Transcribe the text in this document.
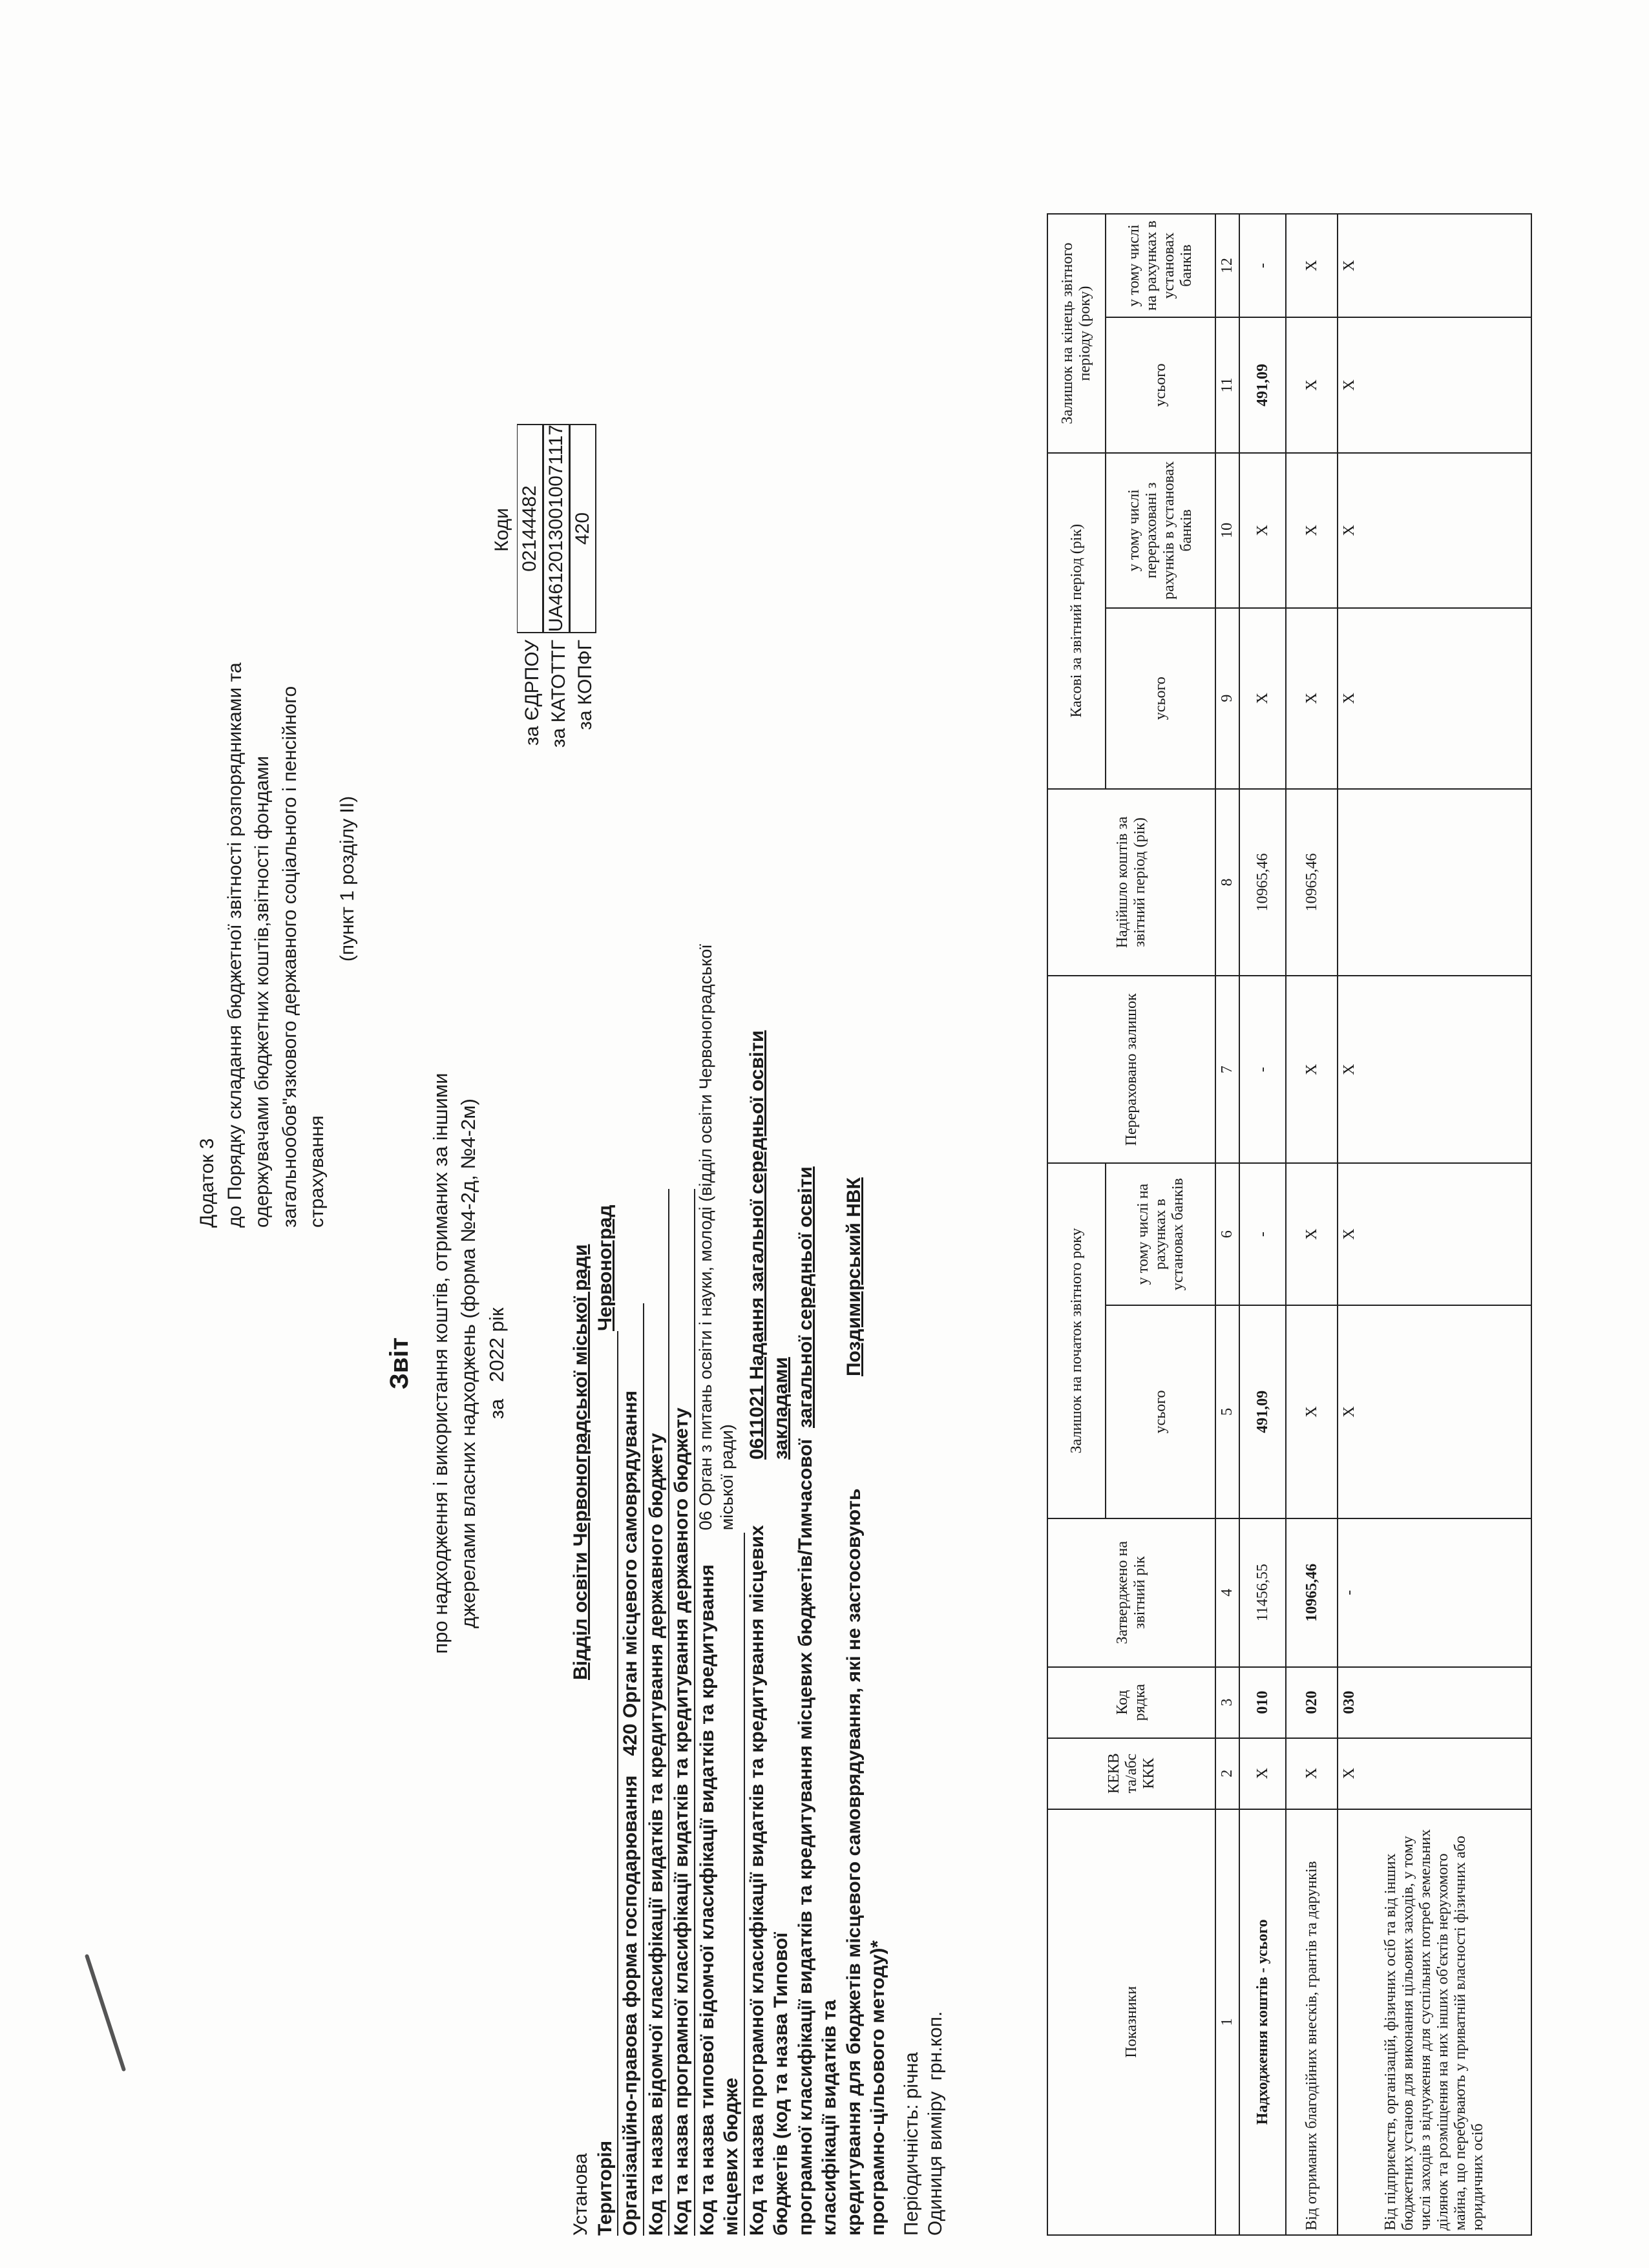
Додаток 3 до Порядку складання бюджетної звітності розпорядниками та одержувачами бюджетних коштів,звітності фондами загальнообов"язкового державного соціального і пенсійного страхування
(пункт 1 розділу ІІ)
Звіт про надходження і використання коштів, отриманих за іншими джерелами власних надходжень (форма №4-2д, №4-2м) за   2022 рік
Коди
за ЄДРПОУ
02144482
за КАТОТТГ
UA46120130010071117
за КОПФГ
420
Установа
Відділ освіти Червоноградської міської ради
Територія
Червоноград
Організаційно-правова форма господарювання
420 Орган місцевого самоврядування Код та назва відомчої класифікації видатків та кредитування державного бюджету Код та назва програмної класифікації видатків та кредитування державного бюджету Код та назва типової відомчої класифікації видатків та кредитування місцевих бюдже
06 Орган з питань освіти і науки, молоді (відділ освіти Червоноградської міської ради)
Код та назва програмної класифікації видатків та кредитування місцевих бюджетів (код та назва Типової
0611021 Надання загальної середньої освіти закладами
програмної класифікації видатків та кредитування місцевих бюджетів/Тимчасової класифікації видатків та
загальної середньої освіти
кредитування для бюджетів місцевого самоврядування, які не застосовують програмно-цільового методу)*
Поздимирський НВК
Періодичність:

річна
Одиниця виміру

грн.коп.	Показники	КЕКВ та/абс ККК	Код рядка	Затверджено на звітний рік	Залишок на початок звітного року		Перераховано залишок	Надійшло коштів за звітний період (рік)	Касові за звітний період (рік)		Залишок на кінець звітного періоду (року)	
				усього	у тому числі на рахунках в установах банків			усього	у тому числі перераховані з рахунків в установах банків	усього	у тому числі на рахунках в установах банків
1	2	3	4	5	6	7	8	9	10	11	12
Надходження коштів - усього	X	010	11456,55	491,09	-	-	10965,46	X	X	491,09	-
Від отриманих благодійних внесків, грантів та дарунків	X	020	10965,46	X	X	X	10965,46	X	X	X	X
Від підприємств, організацій, фізичних осіб та від інших бюджетних установ для виконання цільових заходів, у тому числі заходів з відчуження для суспільних потреб земельних ділянок та розміщення на них інших об'єктів нерухомого майна, що перебувають у приватній власності фізичних або юридичних осіб	X	030	-	X	X	X		X	X	X	X
